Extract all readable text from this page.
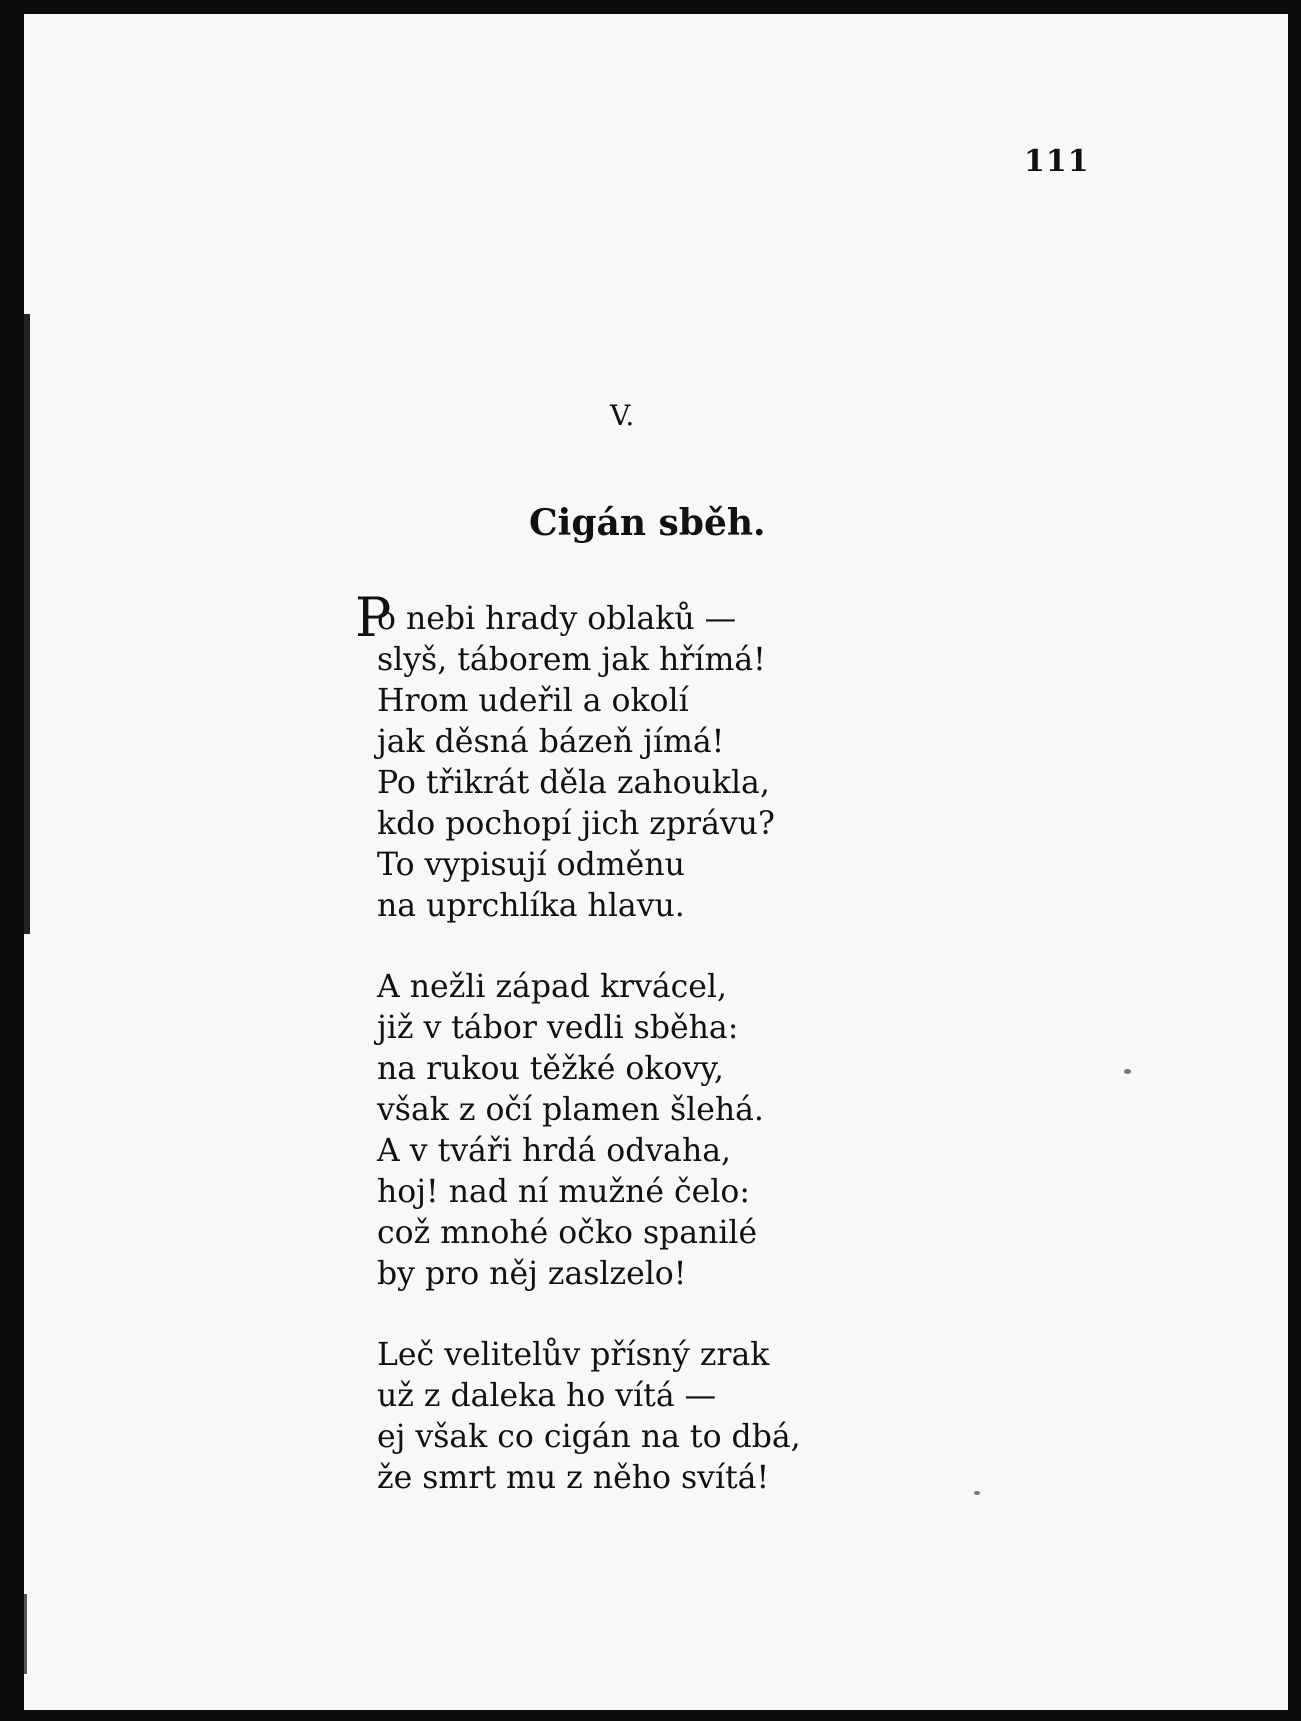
111
V.
Cigán sběh.
P
o nebi hrady oblaků —
slyš, táborem jak hřímá!
Hrom udeřil a okolí
jak děsná bázeň jímá!
Po třikrát děla zahoukla,
kdo pochopí jich zprávu?
To vypisují odměnu
na uprchlíka hlavu.
A nežli západ krvácel,
již v tábor vedli sběha:
na rukou těžké okovy,
však z očí plamen šlehá.
A v tváři hrdá odvaha,
hoj! nad ní mužné čelo:
což mnohé očko spanilé
by pro něj zaslzelo!
Leč velitelův přísný zrak
už z daleka ho vítá —
ej však co cigán na to dbá,
že smrt mu z něho svítá!
